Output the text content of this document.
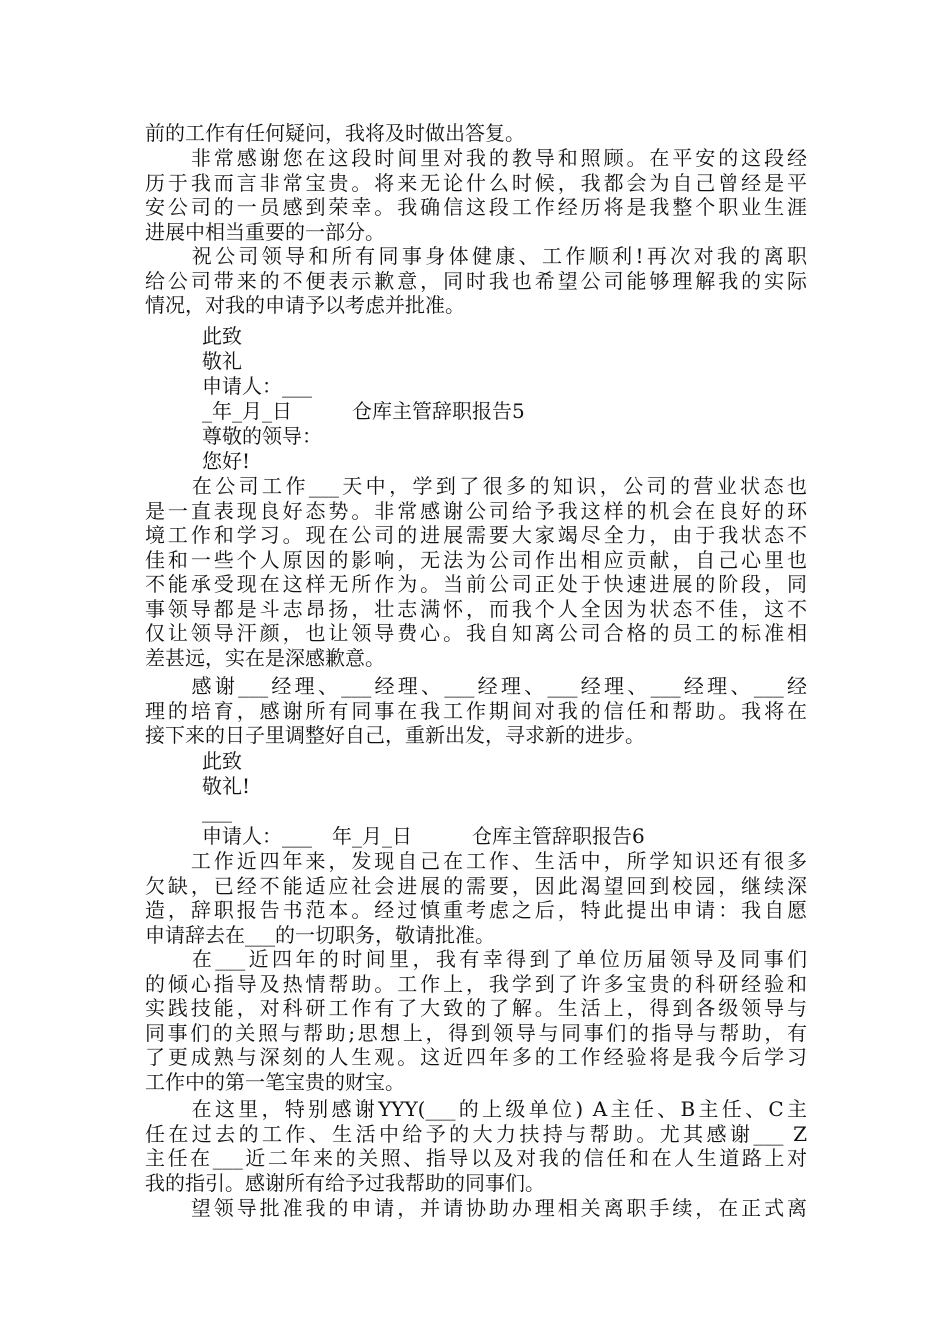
前的工作有任何疑问，我将及时做出答复。
　　非常感谢您在这段时间里对我的教导和照顾。在平安的这段经
历于我而言非常宝贵。将来无论什么时候，我都会为自己曾经是平
安公司的一员感到荣幸。我确信这段工作经历将是我整个职业生涯
进展中相当重要的一部分。
　　祝公司领导和所有同事身体健康、工作顺利!再次对我的离职
给公司带来的不便表示歉意，同时我也希望公司能够理解我的实际
情况，对我的申请予以考虑并批准。
此致
敬礼
申请人：___
_年_月_日　　　仓库主管辞职报告5
尊敬的领导：
您好!
　　在公司工作___天中，学到了很多的知识，公司的营业状态也
是一直表现良好态势。非常感谢公司给予我这样的机会在良好的环
境工作和学习。现在公司的进展需要大家竭尽全力，由于我状态不
佳和一些个人原因的影响，无法为公司作出相应贡献，自己心里也
不能承受现在这样无所作为。当前公司正处于快速进展的阶段，同
事领导都是斗志昂扬，壮志满怀，而我个人全因为状态不佳，这不
仅让领导汗颜，也让领导费心。我自知离公司合格的员工的标准相
差甚远，实在是深感歉意。
　　感谢___经理、___经理、___经理、___经理、___经理、___经
理的培育，感谢所有同事在我工作期间对我的信任和帮助。我将在
接下来的日子里调整好自己，重新出发，寻求新的进步。
此致
敬礼!
___
申请人：___　年_月_日　　　仓库主管辞职报告6
　　工作近四年来，发现自己在工作、生活中，所学知识还有很多
欠缺，已经不能适应社会进展的需要，因此渴望回到校园，继续深
造，辞职报告书范本。经过慎重考虑之后，特此提出申请：我自愿
申请辞去在___的一切职务，敬请批准。
　　在___近四年的时间里，我有幸得到了单位历届领导及同事们
的倾心指导及热情帮助。工作上，我学到了许多宝贵的科研经验和
实践技能，对科研工作有了大致的了解。生活上，得到各级领导与
同事们的关照与帮助;思想上，得到领导与同事们的指导与帮助，有
了更成熟与深刻的人生观。这近四年多的工作经验将是我今后学习
工作中的第一笔宝贵的财宝。
　　在这里，特别感谢YYY(___的上级单位) A主任、B主任、C主
任在过去的工作、生活中给予的大力扶持与帮助。尤其感谢___ Z
主任在___近二年来的关照、指导以及对我的信任和在人生道路上对
我的指引。感谢所有给予过我帮助的同事们。
　　望领导批准我的申请，并请协助办理相关离职手续，在正式离
